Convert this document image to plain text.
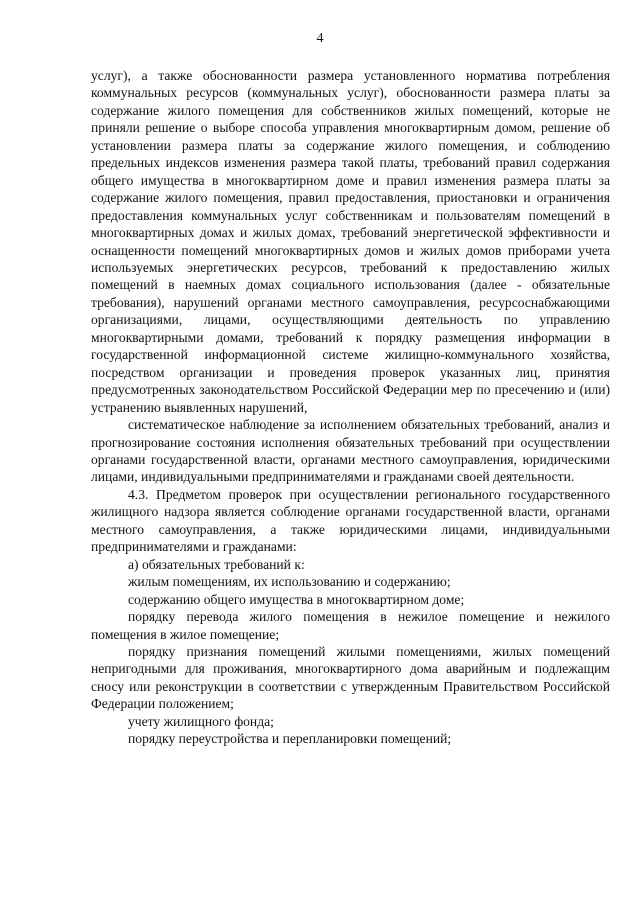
4

услуг), а также обоснованности размера установленного норматива потребления коммунальных ресурсов (коммунальных услуг), обоснованности размера платы за содержание жилого помещения для собственников жилых помещений, которые не приняли решение о выборе способа управления многоквартирным домом, решение об установлении размера платы за содержание жилого помещения, и соблюдению предельных индексов изменения размера такой платы, требований правил содержания общего имущества в многоквартирном доме и правил изменения размера платы за содержание жилого помещения, правил предоставления, приостановки и ограничения предоставления коммунальных услуг собственникам и пользователям помещений в многоквартирных домах и жилых домах, требований энергетической эффективности и оснащенности помещений многоквартирных домов и жилых домов приборами учета используемых энергетических ресурсов, требований к предоставлению жилых помещений в наемных домах социального использования (далее - обязательные требования), нарушений органами местного самоуправления, ресурсоснабжающими организациями, лицами, осуществляющими деятельность по управлению многоквартирными домами, требований к порядку размещения информации в государственной информационной системе жилищно-коммунального хозяйства, посредством организации и проведения проверок указанных лиц, принятия предусмотренных законодательством Российской Федерации мер по пресечению и (или) устранению выявленных нарушений,

систематическое наблюдение за исполнением обязательных требований, анализ и прогнозирование состояния исполнения обязательных требований при осуществлении органами государственной власти, органами местного самоуправления, юридическими лицами, индивидуальными предпринимателями и гражданами своей деятельности.

4.3. Предметом проверок при осуществлении регионального государственного жилищного надзора является соблюдение органами государственной власти, органами местного самоуправления, а также юридическими лицами, индивидуальными предпринимателями и гражданами:

а) обязательных требований к:

жилым помещениям, их использованию и содержанию;

содержанию общего имущества в многоквартирном доме;

порядку перевода жилого помещения в нежилое помещение и нежилого помещения в жилое помещение;

порядку признания помещений жилыми помещениями, жилых помещений непригодными для проживания, многоквартирного дома аварийным и подлежащим сносу или реконструкции в соответствии с утвержденным Правительством Российской Федерации положением;

учету жилищного фонда;

порядку переустройства и перепланировки помещений;
